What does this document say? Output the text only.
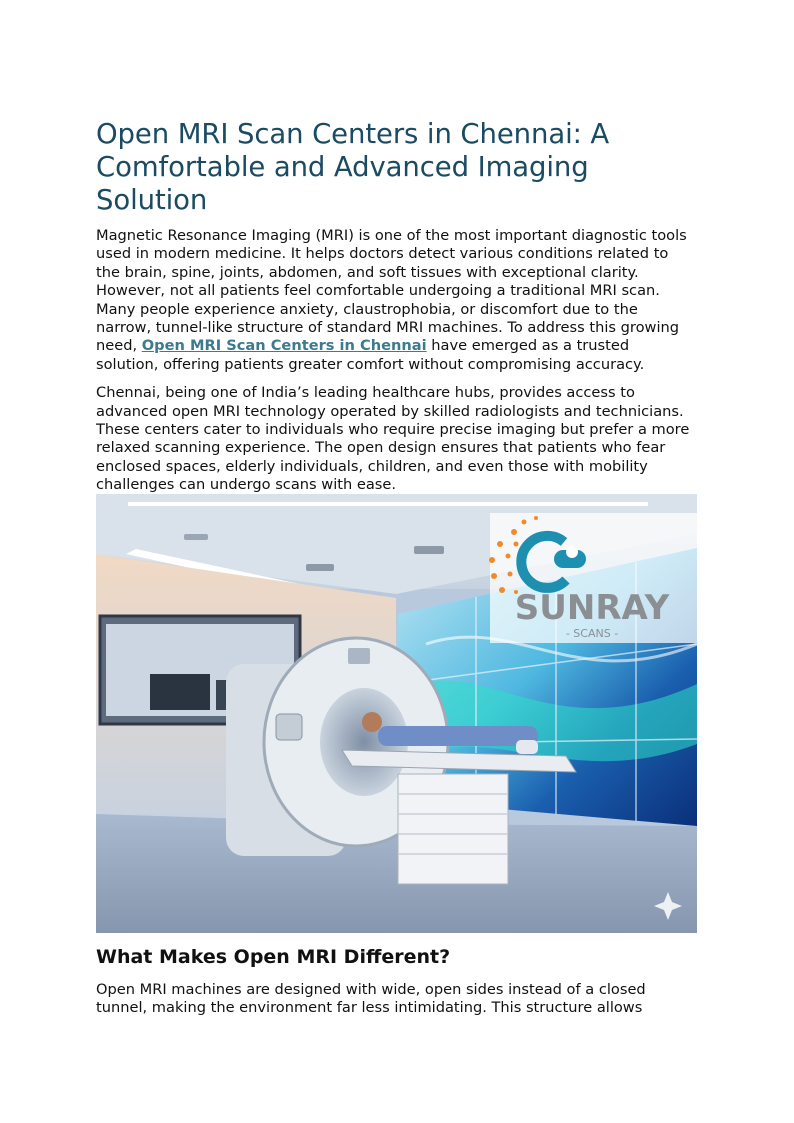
Open MRI Scan Centers in Chennai: A Comfortable and Advanced Imaging Solution

Magnetic Resonance Imaging (MRI) is one of the most important diagnostic tools used in modern medicine. It helps doctors detect various conditions related to the brain, spine, joints, abdomen, and soft tissues with exceptional clarity. However, not all patients feel comfortable undergoing a traditional MRI scan. Many people experience anxiety, claustrophobia, or discomfort due to the narrow, tunnel-like structure of standard MRI machines. To address this growing need, Open MRI Scan Centers in Chennai have emerged as a trusted solution, offering patients greater comfort without compromising accuracy.

Chennai, being one of India’s leading healthcare hubs, provides access to advanced open MRI technology operated by skilled radiologists and technicians. These centers cater to individuals who require precise imaging but prefer a more relaxed scanning experience. The open design ensures that patients who fear enclosed spaces, elderly individuals, children, and even those with mobility challenges can undergo scans with ease.

SUNRAY
- SCANS -
What Makes Open MRI Different?

Open MRI machines are designed with wide, open sides instead of a closed tunnel, making the environment far less intimidating. This structure allows
